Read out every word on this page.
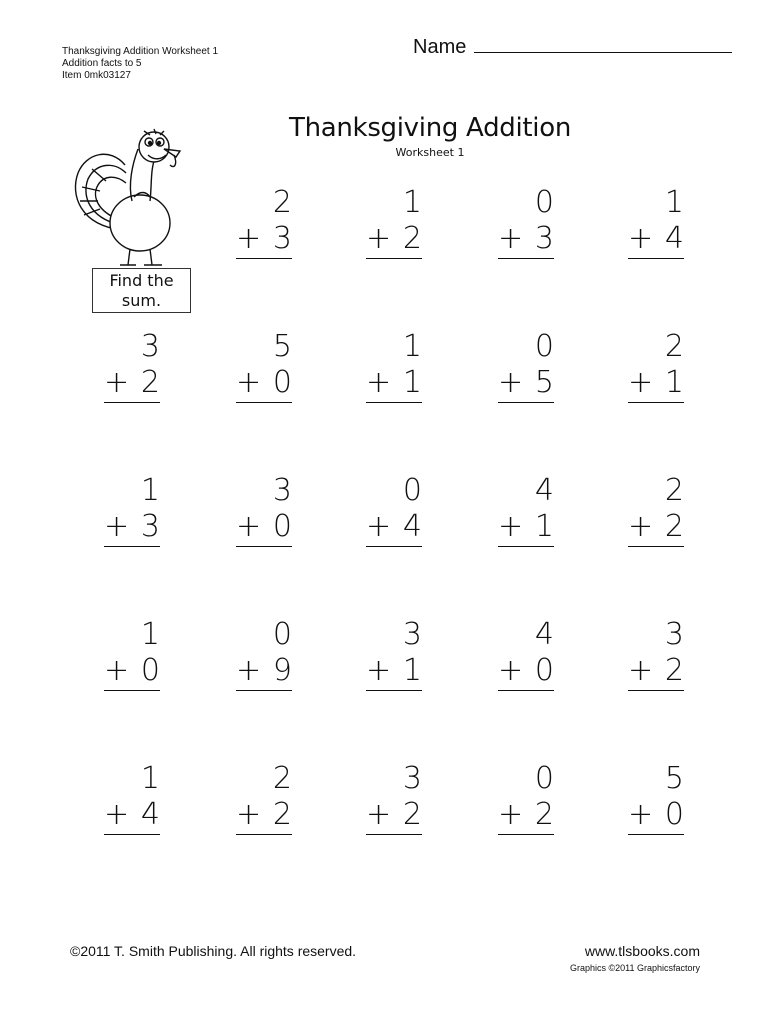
Thanksgiving Addition Worksheet 1
Addition facts to 5
Item 0mk03127
Name
Thanksgiving Addition
Worksheet 1
Find the
sum.
2
+ 3
1
+ 2
0
+ 3
1
+ 4
3
+ 2
5
+ 0
1
+ 1
0
+ 5
2
+ 1
1
+ 3
3
+ 0
0
+ 4
4
+ 1
2
+ 2
1
+ 0
0
+ 9
3
+ 1
4
+ 0
3
+ 2
1
+ 4
2
+ 2
3
+ 2
0
+ 2
5
+ 0
©2011 T. Smith Publishing. All rights reserved.	www.tlsbooks.com
Graphics ©2011 Graphicsfactory
